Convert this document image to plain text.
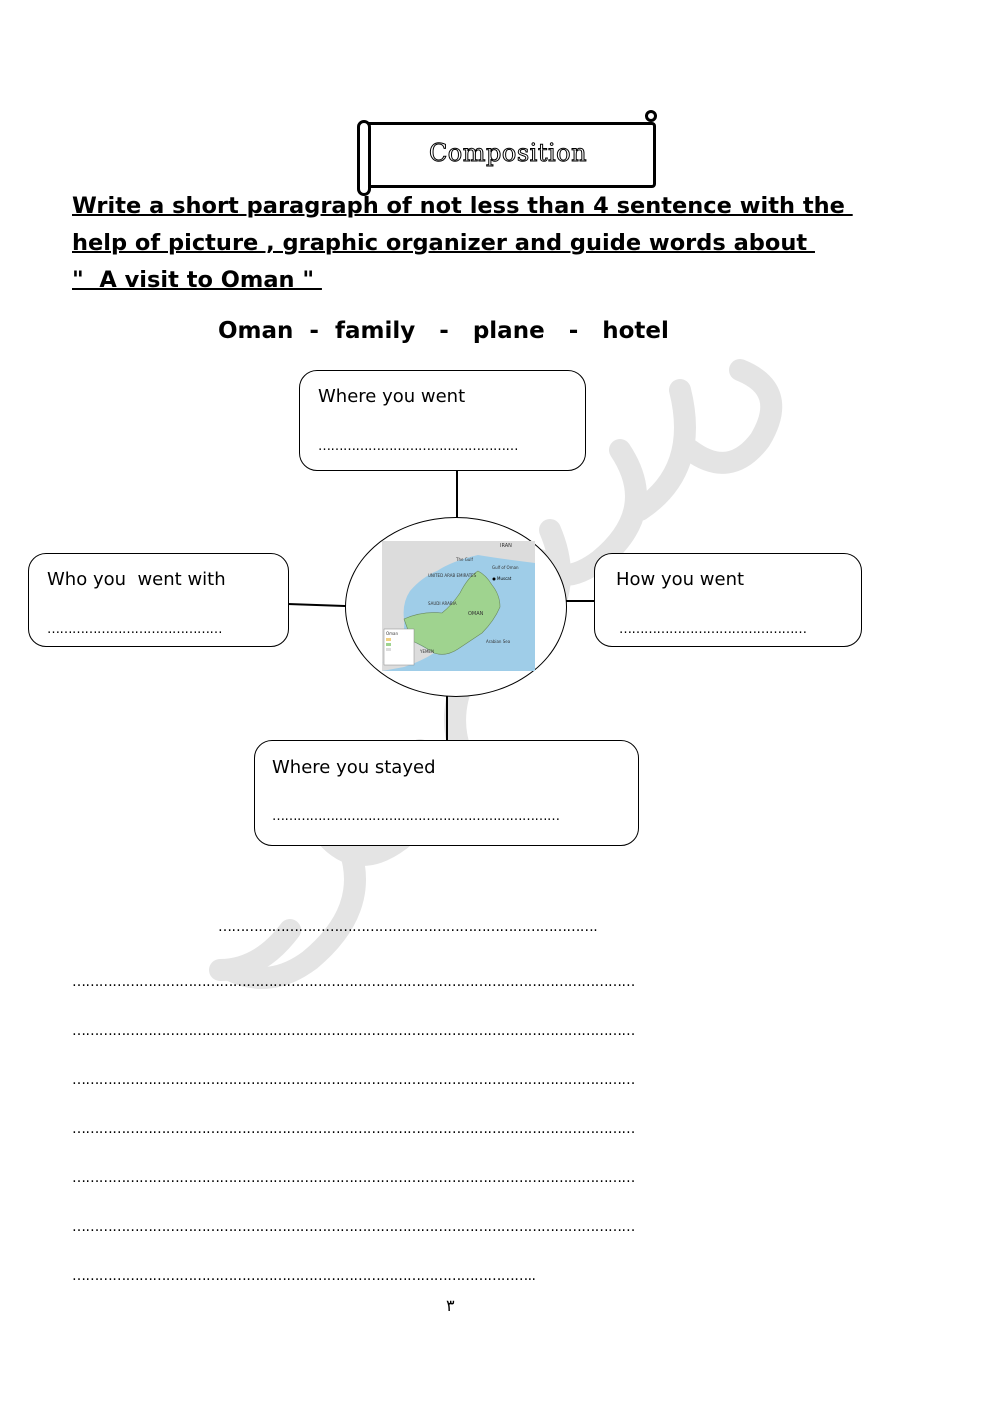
Composition
Write a short paragraph of not less than 4 sentence with the
help of picture , graphic organizer and guide words about
"  A visit to Oman "
Oman  -  family   -   plane   -   hotel
Oman
IRAN
UNITED ARAB EMIRATES
Gulf of Oman
The Gulf
SAUDI ARABIA
OMAN
YEMEN
Arabian Sea
Muscat
Where you went
…………………………………………
Who you  went with
……………………………………
How you went
………………………………………
Where you stayed
……………………………………………………………
………………………………………………………………………….
………………………………………………………………………………………………………………
………………………………………………………………………………………………………………
………………………………………………………………………………………………………………
………………………………………………………………………………………………………………
………………………………………………………………………………………………………………
………………………………………………………………………………………………………………
…………………………………………………………………………………………..
٣
